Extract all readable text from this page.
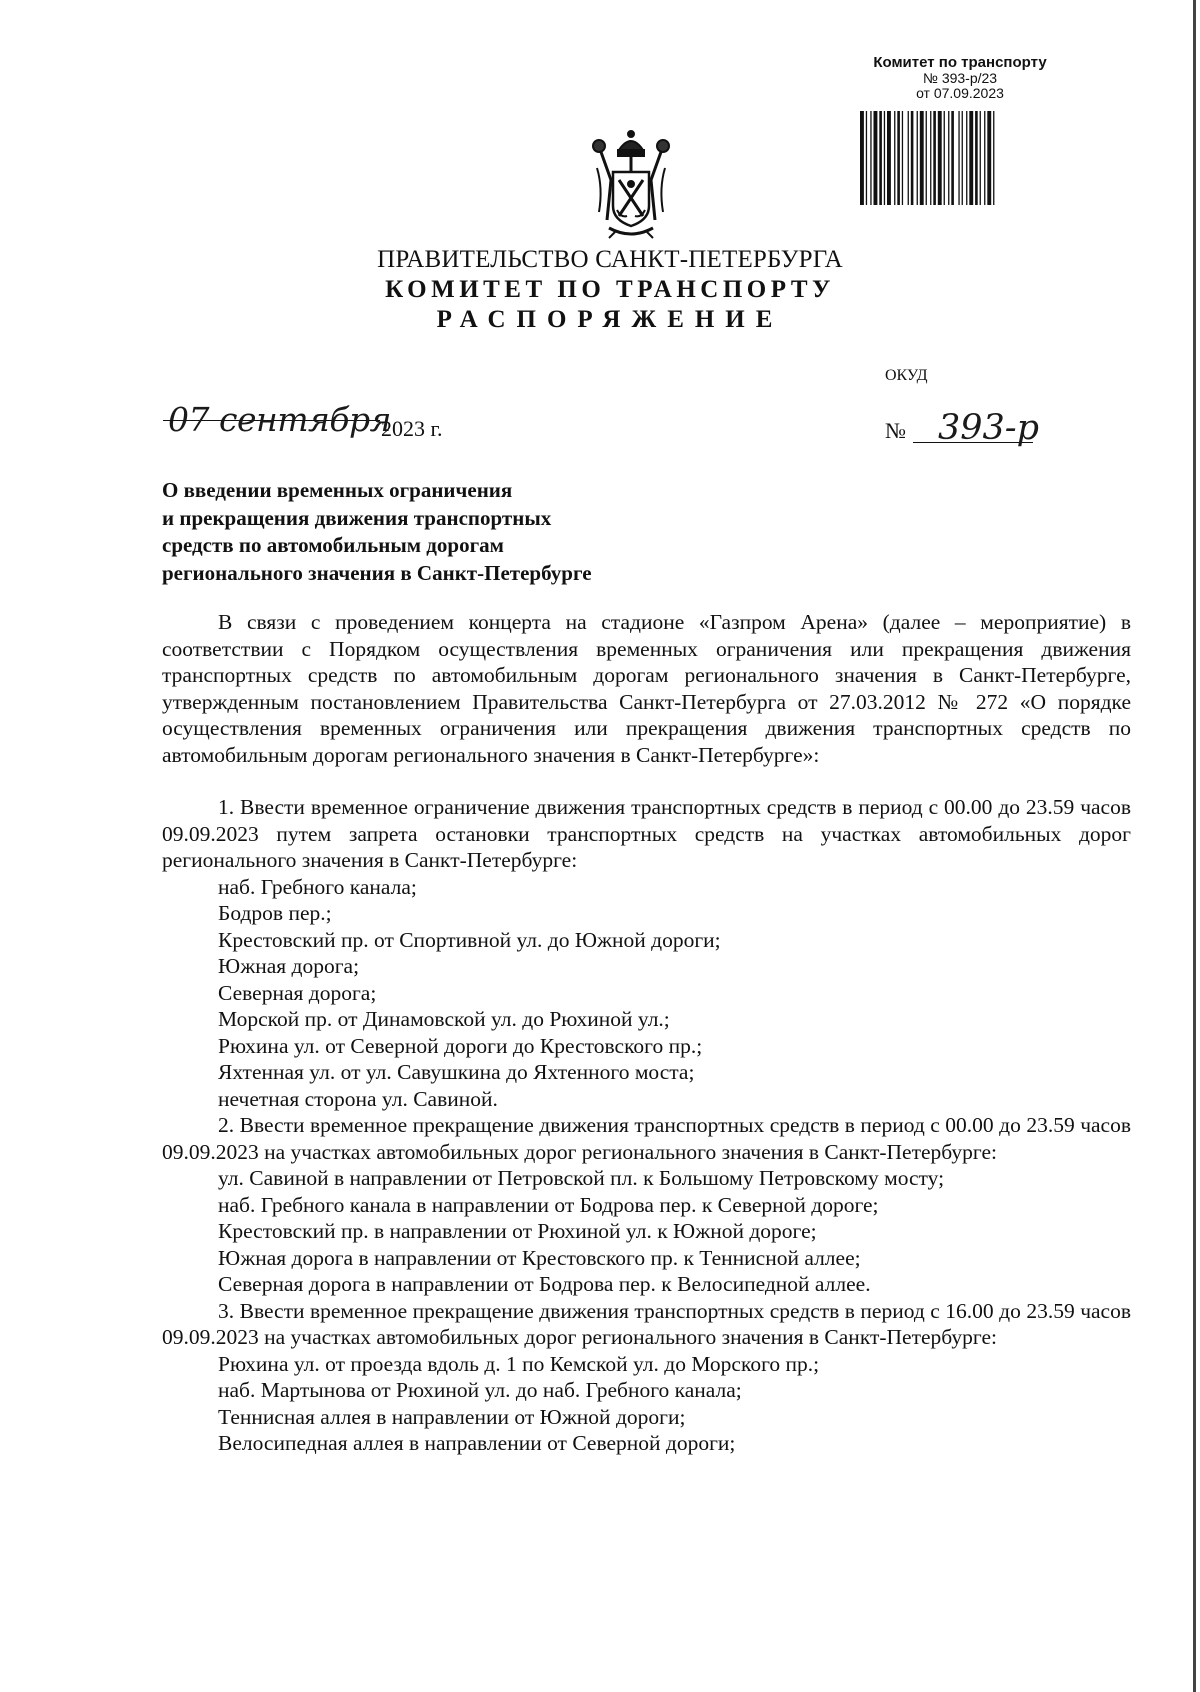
Комитет по транспорту
№ 393-р/23
от 07.09.2023
ПРАВИТЕЛЬСТВО САНКТ-ПЕТЕРБУРГА
КОМИТЕТ ПО ТРАНСПОРТУ
РАСПОРЯЖЕНИЕ
ОКУД
07 сентября
2023 г.	№ 393-р
О введении временных ограничения
и прекращения движения транспортных
средств по автомобильным дорогам
регионального значения в Санкт-Петербурге

В связи с проведением концерта на стадионе «Газпром Арена» (далее – мероприятие) в соответствии с Порядком осуществления временных ограничения или прекращения движения транспортных средств по автомобильным дорогам регионального значения в Санкт-Петербурге, утвержденным постановлением Правительства Санкт-Петербурга от 27.03.2012 № 272 «О порядке осуществления временных ограничения или прекращения движения транспортных средств по автомобильным дорогам регионального значения в Санкт-Петербурге»:

1. Ввести временное ограничение движения транспортных средств в период с 00.00 до 23.59 часов 09.09.2023 путем запрета остановки транспортных средств на участках автомобильных дорог регионального значения в Санкт-Петербурге:

наб. Гребного канала;

Бодров пер.;

Крестовский пр. от Спортивной ул. до Южной дороги;

Южная дорога;

Северная дорога;

Морской пр. от Динамовской ул. до Рюхиной ул.;

Рюхина ул. от Северной дороги до Крестовского пр.;

Яхтенная ул. от ул. Савушкина до Яхтенного моста;

нечетная сторона ул. Савиной.

2. Ввести временное прекращение движения транспортных средств в период с 00.00 до 23.59 часов 09.09.2023 на участках автомобильных дорог регионального значения в Санкт-Петербурге:

ул. Савиной в направлении от Петровской пл. к Большому Петровскому мосту;

наб. Гребного канала в направлении от Бодрова пер. к Северной дороге;

Крестовский пр. в направлении от Рюхиной ул. к Южной дороге;

Южная дорога в направлении от Крестовского пр. к Теннисной аллее;

Северная дорога в направлении от Бодрова пер. к Велосипедной аллее.

3. Ввести временное прекращение движения транспортных средств в период с 16.00 до 23.59 часов 09.09.2023 на участках автомобильных дорог регионального значения в Санкт-Петербурге:

Рюхина ул. от проезда вдоль д. 1 по Кемской ул. до Морского пр.;

наб. Мартынова от Рюхиной ул. до наб. Гребного канала;

Теннисная аллея в направлении от Южной дороги;

Велосипедная аллея в направлении от Северной дороги;
